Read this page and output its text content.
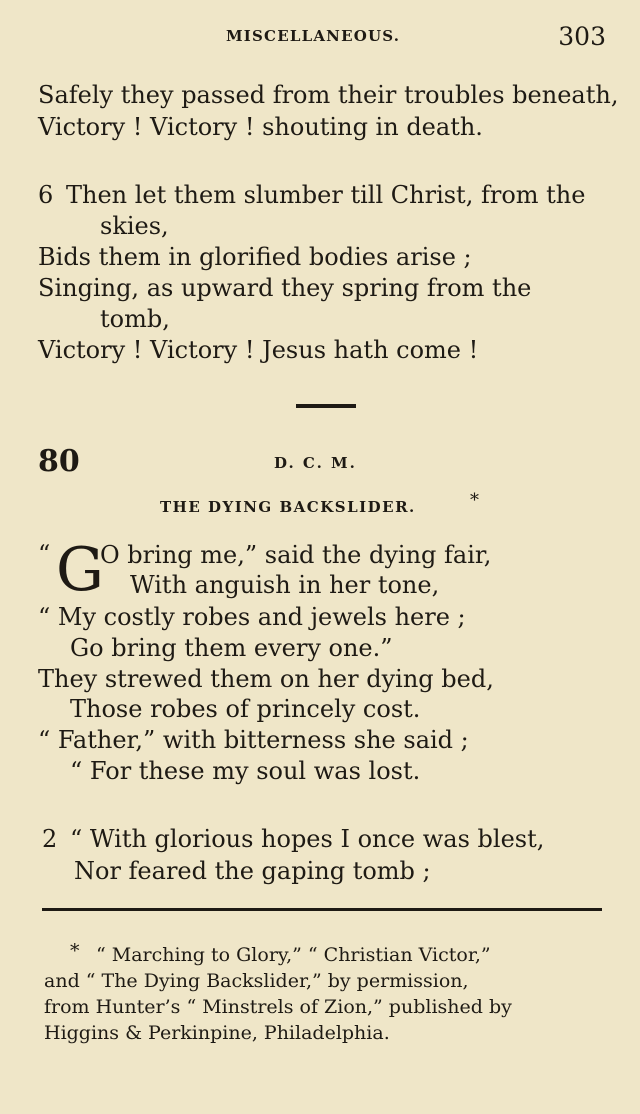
MISCELLANEOUS.	303
Safely they passed from their troubles beneath,
Victory ! Victory ! shouting in death.
6 Then let them slumber till Christ, from the
skies,
Bids them in glorified bodies arise ;
Singing, as upward they spring from the
tomb,
Victory ! Victory ! Jesus hath come !
80	D. C. M.
THE DYING BACKSLIDER.	*
“ G
O bring me,” said the dying fair,
With anguish in her tone,
“ My costly robes and jewels here ;
Go bring them every one.”
They strewed them on her dying bed,
Those robes of princely cost.
“ Father,” with bitterness she said ;
“ For these my soul was lost.
2 “ With glorious hopes I once was blest,
Nor feared the gaping tomb ;
* “ Marching to Glory,” “ Christian Victor,”
and “ The Dying Backslider,” by permission,
from Hunter’s “ Minstrels of Zion,” published by
Higgins & Perkinpine, Philadelphia.
